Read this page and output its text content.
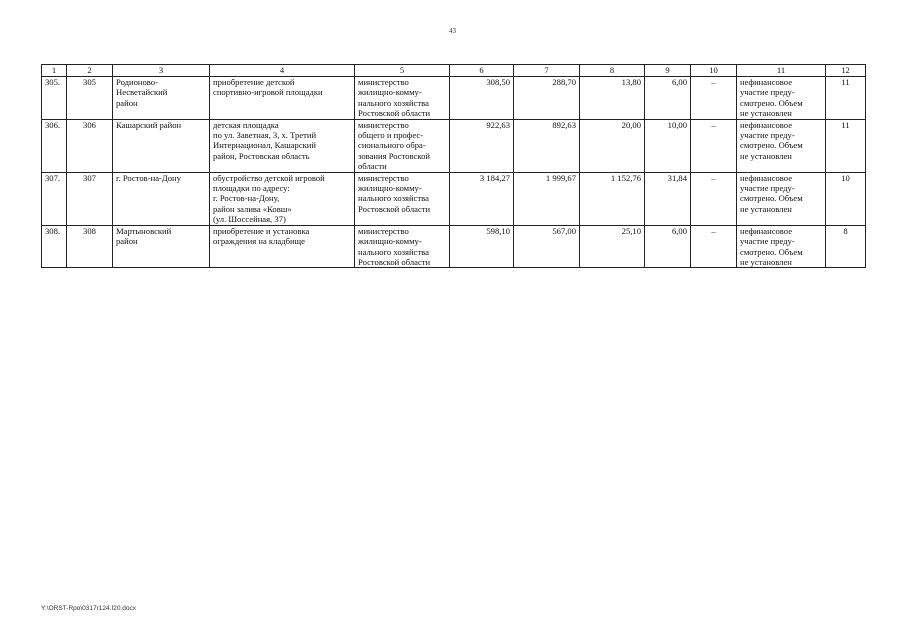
43
1	2	3	4	5	6	7	8	9	10	11	12
305.	305	Родионово-
Несветайский
район	приобретение детской
спортивно-игровой площадки	министерство
жилищно-комму-
нального хозяйства
Ростовской области	308,50	288,70	13,80	6,00	–	нефинансовое
участие преду-
смотрено. Объем
не установлен	11
306.	306	Кашарский район	детская площадка
по ул. Заветная, 3, х. Третий
Интернационал, Кашарский
район, Ростовская область	министерство
общего и профес-
сионального обра-
зования Ростовской
области	922,63	892,63	20,00	10,00	–	нефинансовое
участие преду-
смотрено. Объем
не установлен	11
307.	307	г. Ростов-на-Дону	обустройство детской игровой
площадки по адресу:
г. Ростов-на-Дону,
район залива «Ковш»
(ул. Шоссейная, 37)	министерство
жилищно-комму-
нального хозяйства
Ростовской области	3 184,27	1 999,67	1 152,76	31,84	–	нефинансовое
участие преду-
смотрено. Объем
не установлен	10
308.	308	Мартыновский
район	приобретение и установка
ограждения на кладбище	министерство
жилищно-комму-
нального хозяйства
Ростовской области	598,10	567,00	25,10	6,00	–	нефинансовое
участие преду-
смотрено. Объем
не установлен	8
Y:\ORST-Rpo\0317r124.f20.docx
